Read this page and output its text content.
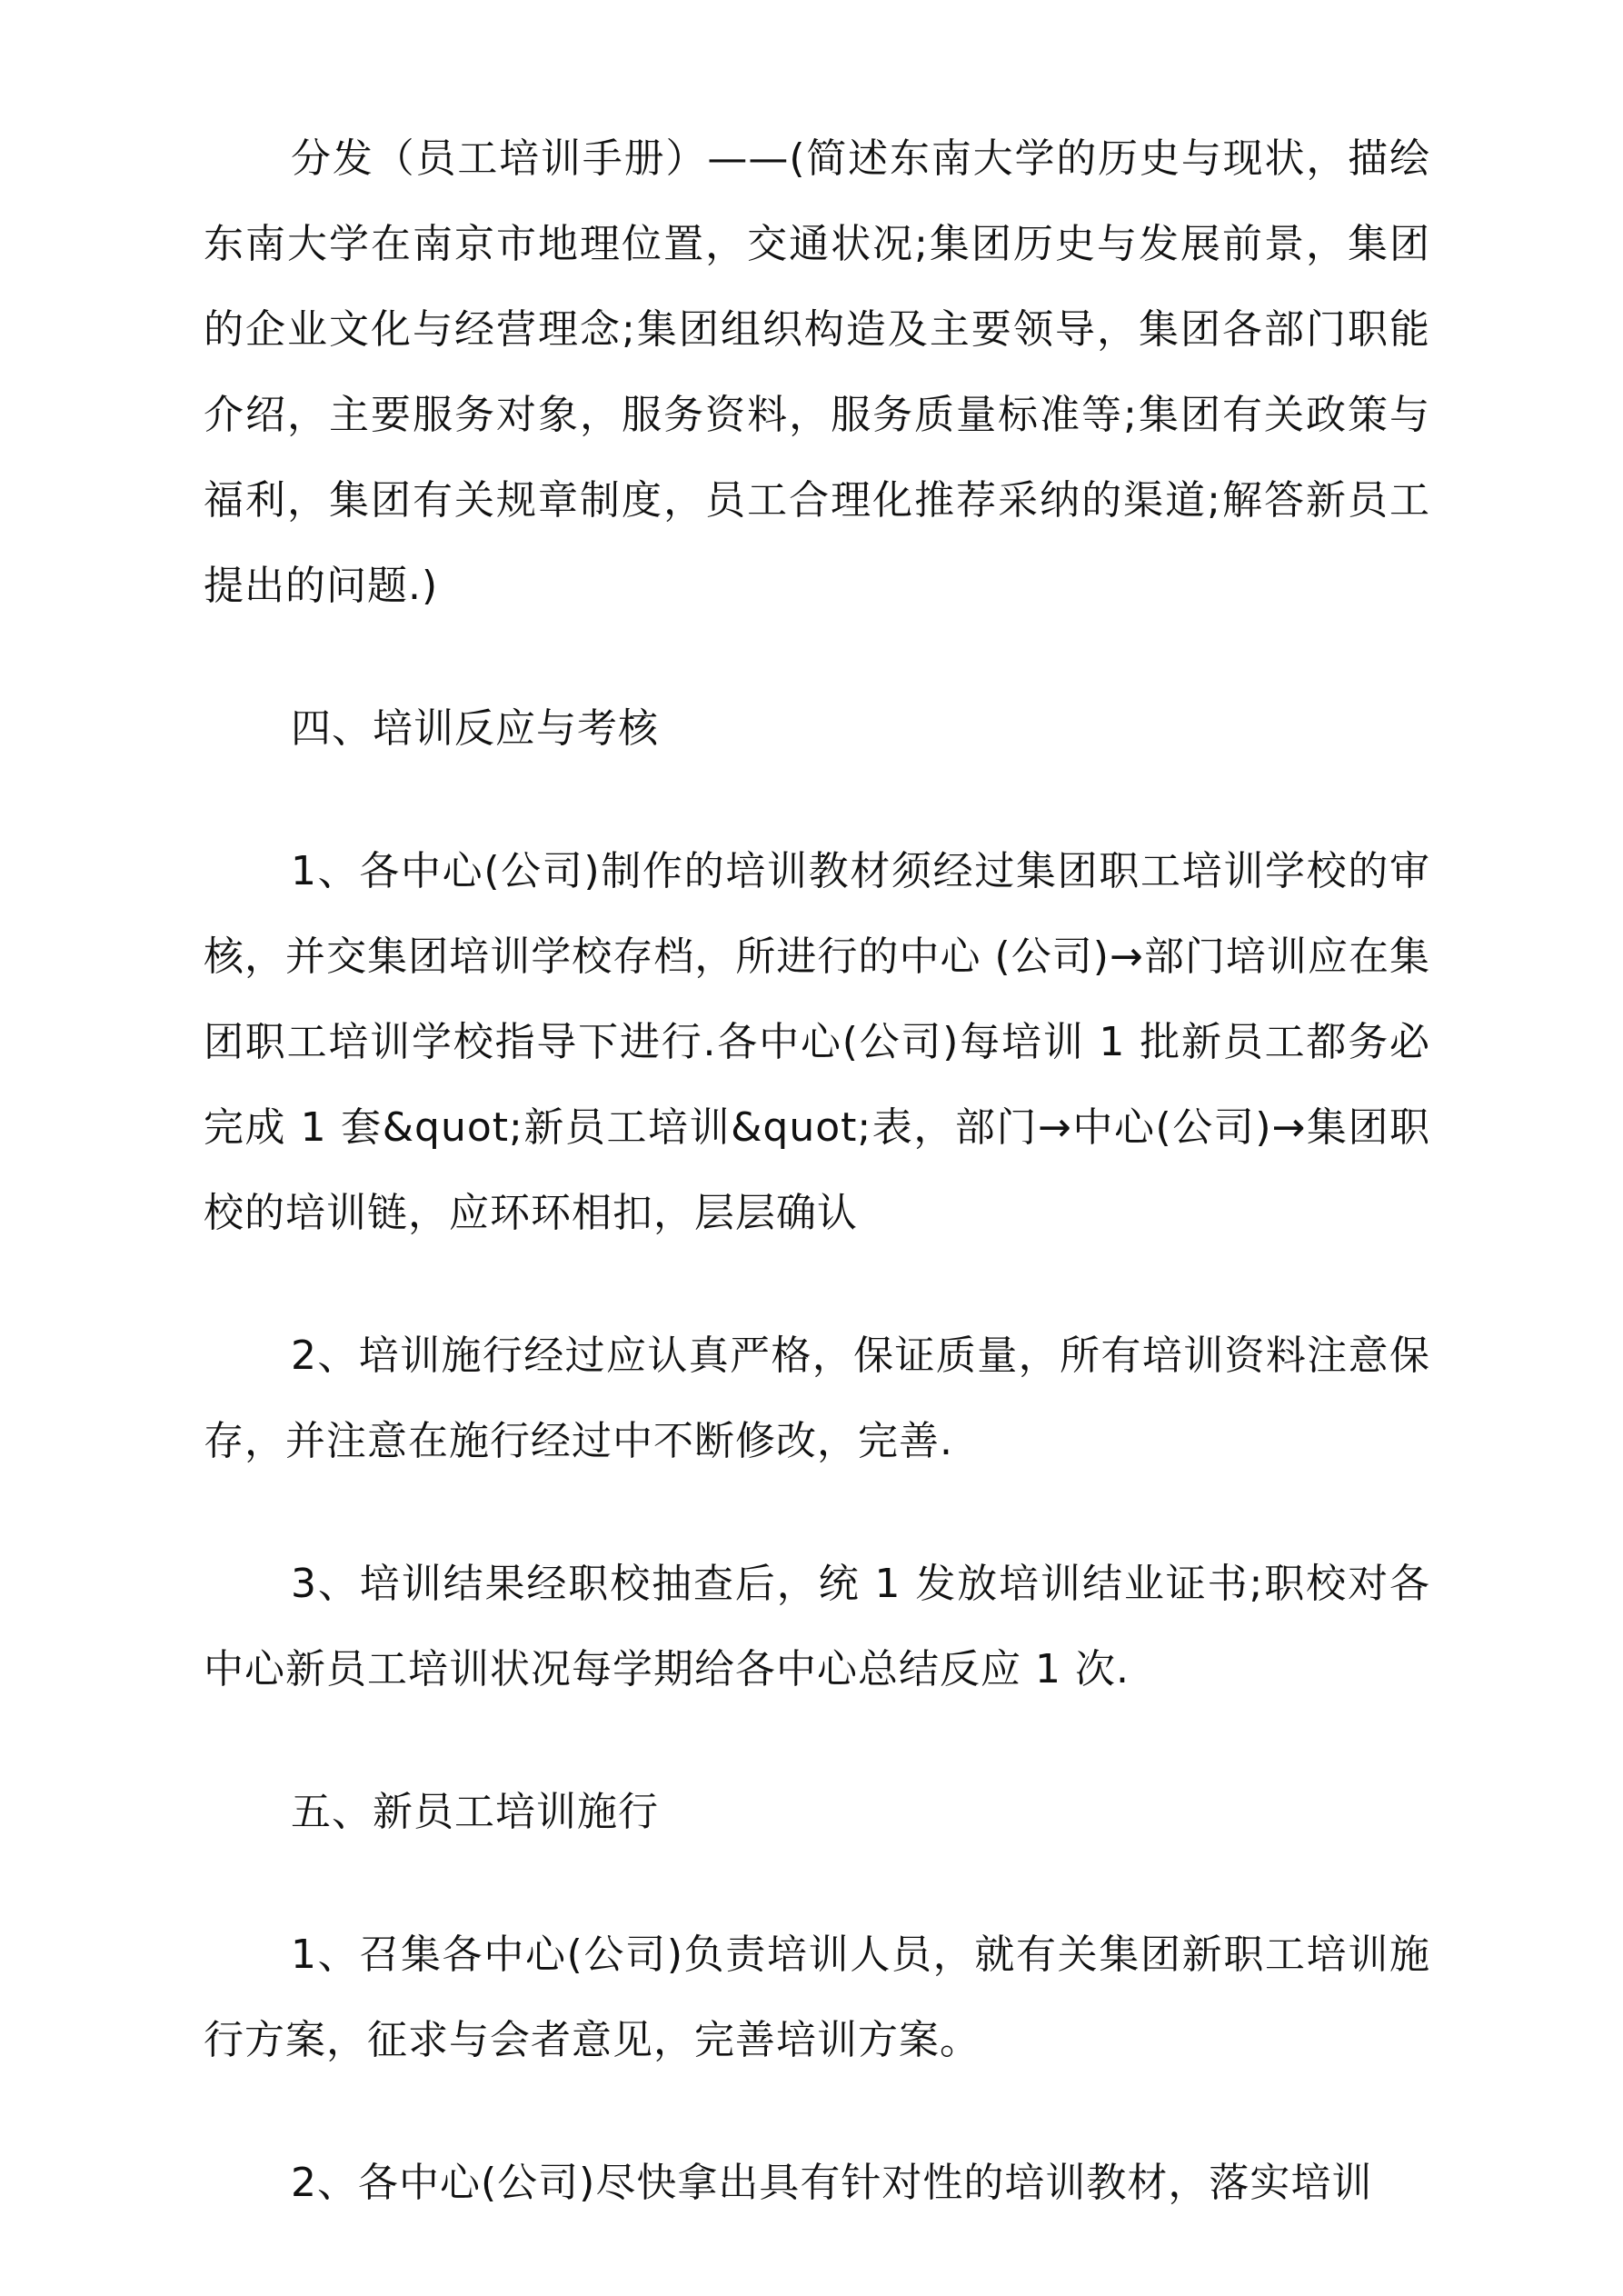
分发（员工培训手册）——(简述东南大学的历史与现状，描绘东南大学在南京市地理位置，交通状况;集团历史与发展前景，集团的企业文化与经营理念;集团组织构造及主要领导，集团各部门职能介绍，主要服务对象，服务资料，服务质量标准等;集团有关政策与福利，集团有关规章制度，员工合理化推荐采纳的渠道;解答新员工提出的问题.)

四、培训反应与考核

1、各中心(公司)制作的培训教材须经过集团职工培训学校的审核，并交集团培训学校存档，所进行的中心 (公司)→部门培训应在集团职工培训学校指导下进行.各中心(公司)每培训 1 批新员工都务必完成 1 套&quot;新员工培训&quot;表，部门→中心(公司)→集团职校的培训链，应环环相扣，层层确认

2、培训施行经过应认真严格，保证质量，所有培训资料注意保存，并注意在施行经过中不断修改，完善.

3、培训结果经职校抽查后，统 1 发放培训结业证书;职校对各中心新员工培训状况每学期给各中心总结反应 1 次.

五、新员工培训施行

1、召集各中心(公司)负责培训人员，就有关集团新职工培训施行方案，征求与会者意见，完善培训方案。

2、各中心(公司)尽快拿出具有针对性的培训教材，落实培训
